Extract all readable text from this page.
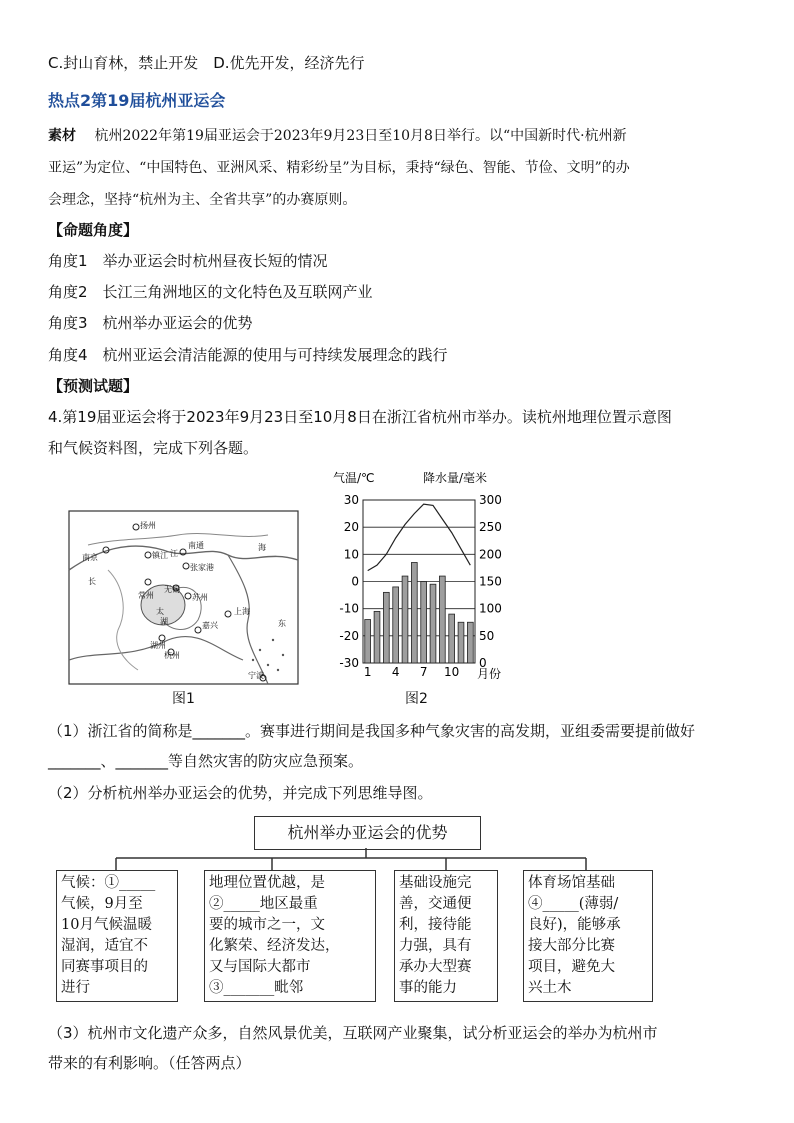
C.封山育林，禁止开发　D.优先开发，经济先行
热点2第19届杭州亚运会
素材 杭州2022年第19届亚运会于2023年9月23日至10月8日举行。以“中国新时代·杭州新
亚运”为定位、“中国特色、亚洲风采、精彩纷呈”为目标，秉持“绿色、智能、节俭、文明”的办
会理念，坚持“杭州为主、全省共享”的办赛原则。
【命题角度】
角度1　举办亚运会时杭州昼夜长短的情况
角度2　长江三角洲地区的文化特色及互联网产业
角度3　杭州举办亚运会的优势
角度4　杭州亚运会清洁能源的使用与可持续发展理念的践行
【预测试题】
4.第19届亚运会将于2023年9月23日至10月8日在浙江省杭州市举办。读杭州地理位置示意图
和气候资料图，完成下列各题。
扬州
镇江
南京
常州
南通
江
张家港
无锡
苏州
太
湖
湖州
嘉兴
上海
杭州
宁波
海
东
长
图1
气温/℃	降水量/毫米
30
20
10
0
-10
-20
-30
300
250
200
150
100
50
0
1 4 7 10 月份
图2
（1）浙江省的简称是_______。赛事进行期间是我国多种气象灾害的高发期，亚组委需要提前做好
_______、_______等自然灾害的防灾应急预案。
（2）分析杭州举办亚运会的优势，并完成下列思维导图。
杭州举办亚运会的优势
气候：①_____
气候，9月至
10月气候温暖
湿润，适宜不
同赛事项目的
进行
地理位置优越，是
②_____地区最重
要的城市之一，文
化繁荣、经济发达，
又与国际大都市
③_______毗邻
基础设施完
善，交通便
利，接待能
力强，具有
承办大型赛
事的能力
体育场馆基础
④_____(薄弱/
良好)，能够承
接大部分比赛
项目，避免大
兴土木
（3）杭州市文化遗产众多，自然风景优美，互联网产业聚集，试分析亚运会的举办为杭州市
带来的有利影响。（任答两点）
